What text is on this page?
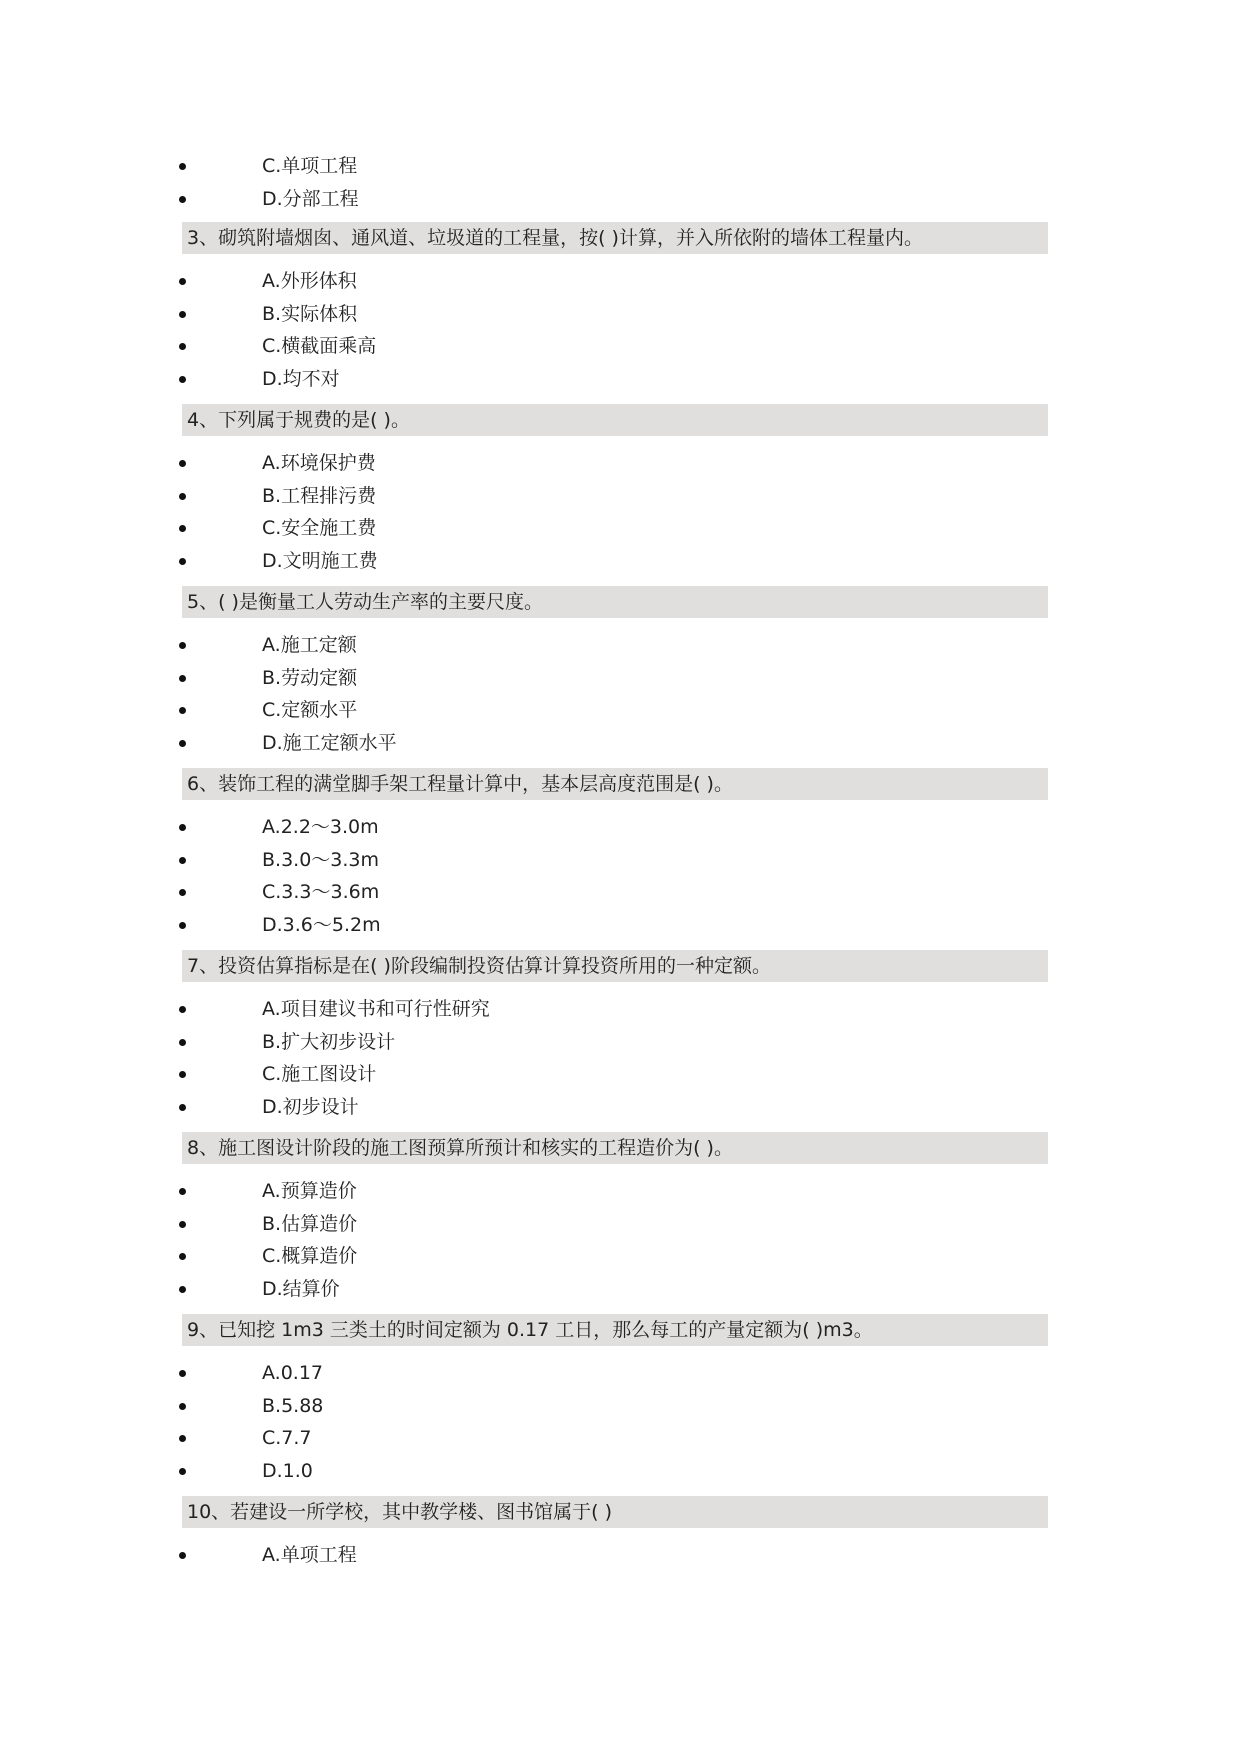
C.单项工程
D.分部工程
3、砌筑附墙烟囱、通风道、垃圾道的工程量，按( )计算，并入所依附的墙体工程量内。
A.外形体积
B.实际体积
C.横截面乘高
D.均不对
4、下列属于规费的是( )。
A.环境保护费
B.工程排污费
C.安全施工费
D.文明施工费
5、( )是衡量工人劳动生产率的主要尺度。
A.施工定额
B.劳动定额
C.定额水平
D.施工定额水平
6、装饰工程的满堂脚手架工程量计算中，基本层高度范围是( )。
A.2.2～3.0m
B.3.0～3.3m
C.3.3～3.6m
D.3.6～5.2m
7、投资估算指标是在( )阶段编制投资估算计算投资所用的一种定额。
A.项目建议书和可行性研究
B.扩大初步设计
C.施工图设计
D.初步设计
8、施工图设计阶段的施工图预算所预计和核实的工程造价为( )。
A.预算造价
B.估算造价
C.概算造价
D.结算价
9、已知挖 1m3 三类土的时间定额为 0.17 工日，那么每工的产量定额为( )m3。
A.0.17
B.5.88
C.7.7
D.1.0
10、若建设一所学校，其中教学楼、图书馆属于( )
A.单项工程
